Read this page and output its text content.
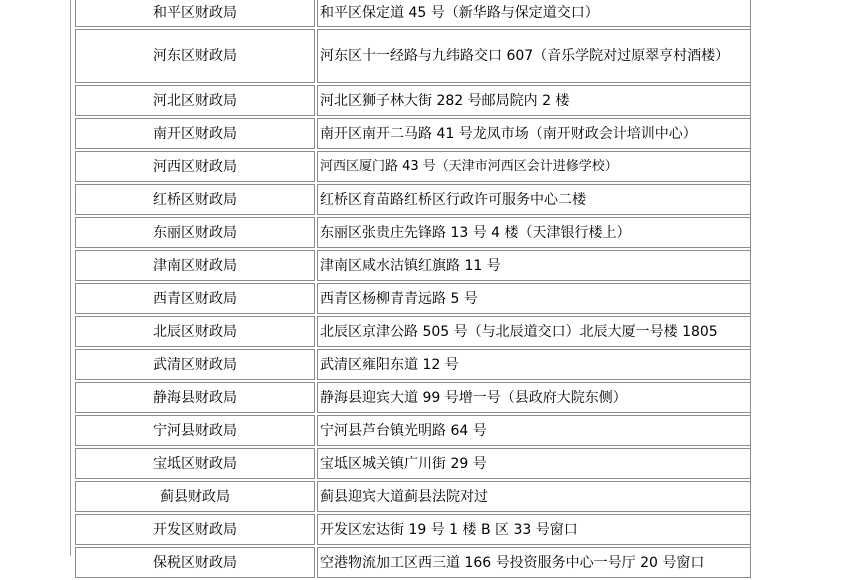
和平区财政局	和平区保定道 45 号（新华路与保定道交口）
河东区财政局	河东区十一经路与九纬路交口 607（音乐学院对过原翠亨村酒楼）
河北区财政局	河北区狮子林大街 282 号邮局院内 2 楼
南开区财政局	南开区南开二马路 41 号龙凤市场（南开财政会计培训中心）
河西区财政局	河西区厦门路 43 号（天津市河西区会计进修学校）
红桥区财政局	红桥区育苗路红桥区行政许可服务中心二楼
东丽区财政局	东丽区张贵庄先锋路 13 号 4 楼（天津银行楼上）
津南区财政局	津南区咸水沽镇红旗路 11 号
西青区财政局	西青区杨柳青青远路 5 号
北辰区财政局	北辰区京津公路 505 号（与北辰道交口）北辰大厦一号楼 1805
武清区财政局	武清区雍阳东道 12 号
静海县财政局	静海县迎宾大道 99 号增一号（县政府大院东侧）
宁河县财政局	宁河县芦台镇光明路 64 号
宝坻区财政局	宝坻区城关镇广川街 29 号
蓟县财政局	蓟县迎宾大道蓟县法院对过
开发区财政局	开发区宏达街 19 号 1 楼 B 区 33 号窗口
保税区财政局	空港物流加工区西三道 166 号投资服务中心一号厅 20 号窗口
